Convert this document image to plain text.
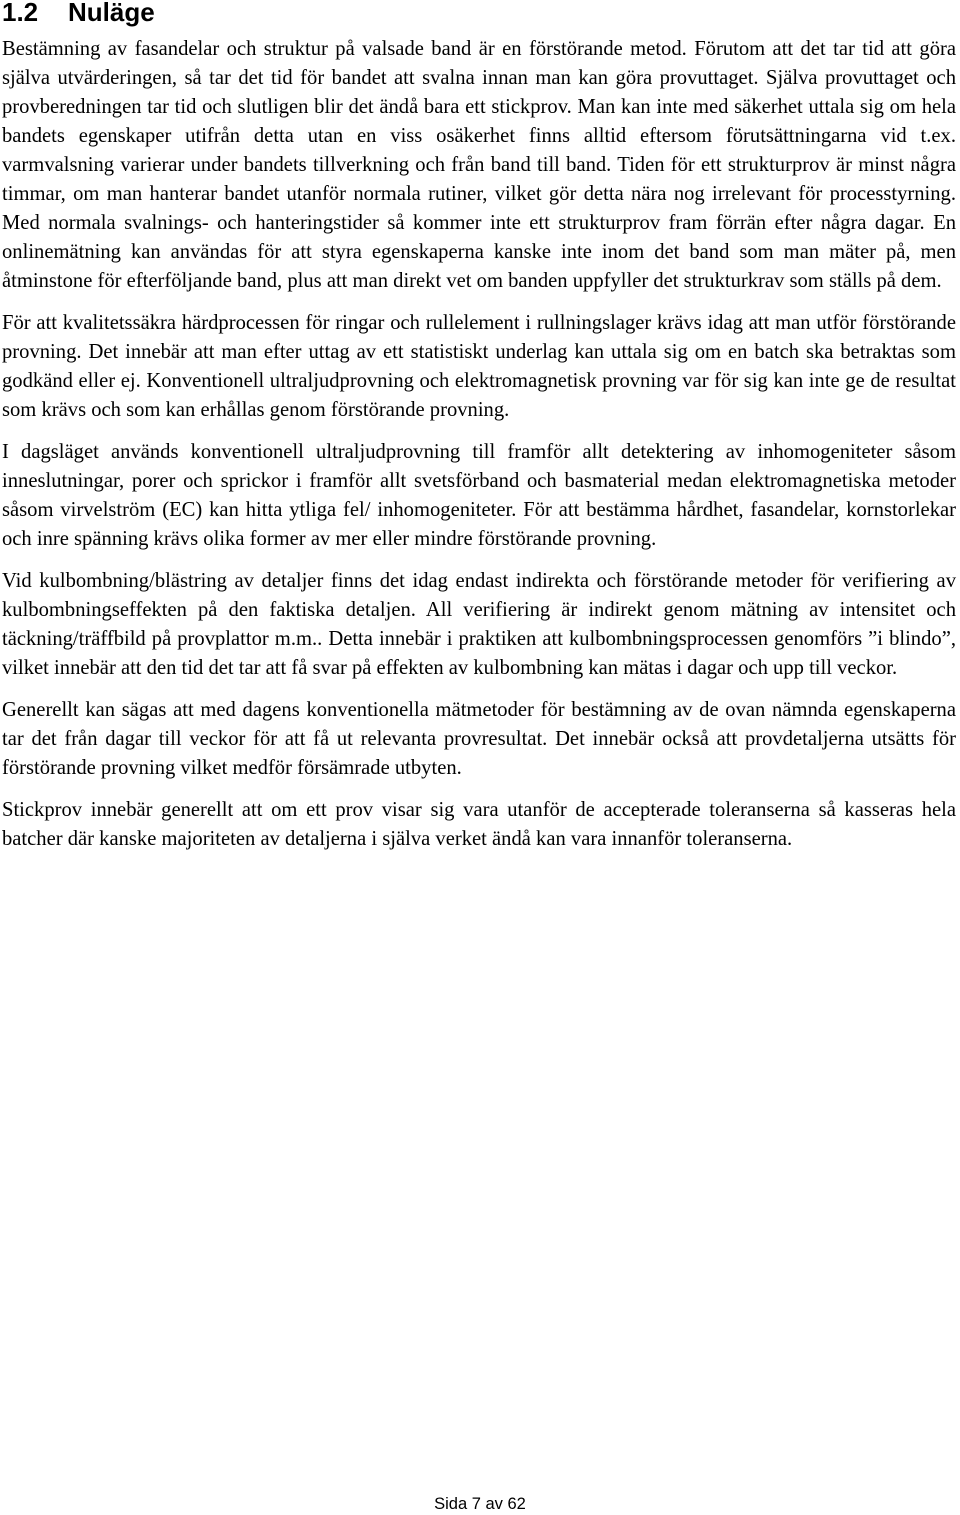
1.2 Nuläge

Bestämning av fasandelar och struktur på valsade band är en förstörande metod. Förutom att det tar tid att göra själva utvärderingen, så tar det tid för bandet att svalna innan man kan göra provuttaget. Själva provuttaget och provberedningen tar tid och slutligen blir det ändå bara ett stickprov. Man kan inte med säkerhet uttala sig om hela bandets egenskaper utifrån detta utan en viss osäkerhet finns alltid eftersom förutsättningarna vid t.ex. varmvalsning varierar under bandets tillverkning och från band till band. Tiden för ett strukturprov är minst några timmar, om man hanterar bandet utanför normala rutiner, vilket gör detta nära nog irrelevant för processtyrning. Med normala svalnings- och hanteringstider så kommer inte ett strukturprov fram förrän efter några dagar. En onlinemätning kan användas för att styra egenskaperna kanske inte inom det band som man mäter på, men åtminstone för efterföljande band, plus att man direkt vet om banden uppfyller det strukturkrav som ställs på dem.

För att kvalitetssäkra härdprocessen för ringar och rullelement i rullningslager krävs idag att man utför förstörande provning. Det innebär att man efter uttag av ett statistiskt underlag kan uttala sig om en batch ska betraktas som godkänd eller ej. Konventionell ultraljudprovning och elektromagnetisk provning var för sig kan inte ge de resultat som krävs och som kan erhållas genom förstörande provning.

I dagsläget används konventionell ultraljudprovning till framför allt detektering av inhomogeniteter såsom inneslutningar, porer och sprickor i framför allt svetsförband och basmaterial medan elektromagnetiska metoder såsom virvelström (EC) kan hitta ytliga fel/ inhomogeniteter. För att bestämma hårdhet, fasandelar, kornstorlekar och inre spänning krävs olika former av mer eller mindre förstörande provning.

Vid kulbombning/blästring av detaljer finns det idag endast indirekta och förstörande metoder för verifiering av kulbombningseffekten på den faktiska detaljen. All verifiering är indirekt genom mätning av intensitet och täckning/träffbild på provplattor m.m.. Detta innebär i praktiken att kulbombningsprocessen genomförs ”i blindo”, vilket innebär att den tid det tar att få svar på effekten av kulbombning kan mätas i dagar och upp till veckor.

Generellt kan sägas att med dagens konventionella mätmetoder för bestämning av de ovan nämnda egenskaperna tar det från dagar till veckor för att få ut relevanta provresultat. Det innebär också att provdetaljerna utsätts för förstörande provning vilket medför försämrade utbyten.

Stickprov innebär generellt att om ett prov visar sig vara utanför de accepterade toleranserna så kasseras hela batcher där kanske majoriteten av detaljerna i själva verket ändå kan vara innanför toleranserna.

Sida 7 av 62
